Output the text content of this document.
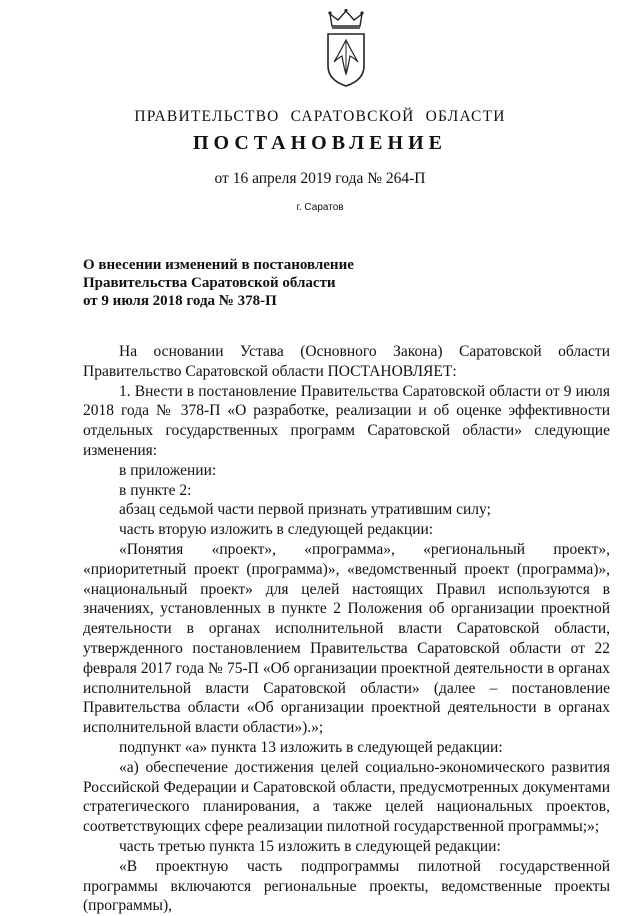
ПРАВИТЕЛЬСТВО САРАТОВСКОЙ ОБЛАСТИ
ПОСТАНОВЛЕНИЕ
от 16 апреля 2019 года № 264-П
г. Саратов
О внесении изменений в постановление
Правительства Саратовской области
от 9 июля 2018 года № 378-П

На основании Устава (Основного Закона) Саратовской области Правительство Саратовской области ПОСТАНОВЛЯЕТ:

1. Внести в постановление Правительства Саратовской области от 9 июля 2018 года № 378-П «О разработке, реализации и об оценке эффективности отдельных государственных программ Саратовской области» следующие изменения:

в приложении:

в пункте 2:

абзац седьмой части первой признать утратившим силу;

часть вторую изложить в следующей редакции:

«Понятия «проект», «программа», «региональный проект», «приоритетный проект (программа)», «ведомственный проект (программа)», «национальный проект» для целей настоящих Правил используются в значениях, установленных в пункте 2 Положения об организации проектной деятельности в органах исполнительной власти Саратовской области, утвержденного постановлением Правительства Саратовской области от 22 февраля 2017 года № 75-П «Об организации проектной деятельности в органах исполнительной власти Саратовской области» (далее – постановление Правительства области «Об организации проектной деятельности в органах исполнительной власти области»).»;

подпункт «а» пункта 13 изложить в следующей редакции:

«а) обеспечение достижения целей социально-экономического развития Российской Федерации и Саратовской области, предусмотренных документами стратегического планирования, а также целей национальных проектов, соответствующих сфере реализации пилотной государственной программы;»;

часть третью пункта 15 изложить в следующей редакции:

«В проектную часть подпрограммы пилотной государственной программы включаются региональные проекты, ведомственные проекты (программы),
